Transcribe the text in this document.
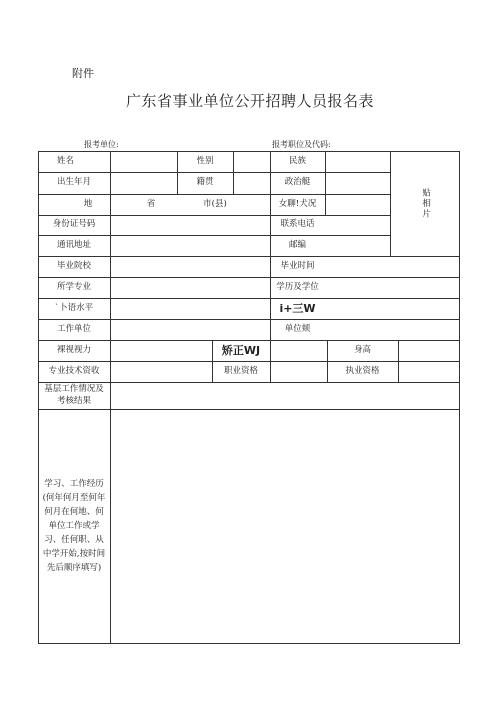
附件
广东省事业单位公开招聘人员报名表
报考单位:	报考职位及代码:
姓名	性别	民族
贴相片
出生年月	籍贯	政治艇
地	省	市(县)	女聊!犬况
身份证号码	联系电话
通讯地址	邮编
毕业院校	毕业时间
所学专业	学历及学位
`卜语水平	i+三W
工作单位	单位颊
裸视视力	矫正WJ	身高
专业技术资收	职业资格	执业资格
基层工作情况及考核结果
学习、工作经历(何年何月至何年何月在何地、何单位工作或学习、任何职、从中学开始,按时间先后顺序填写)
